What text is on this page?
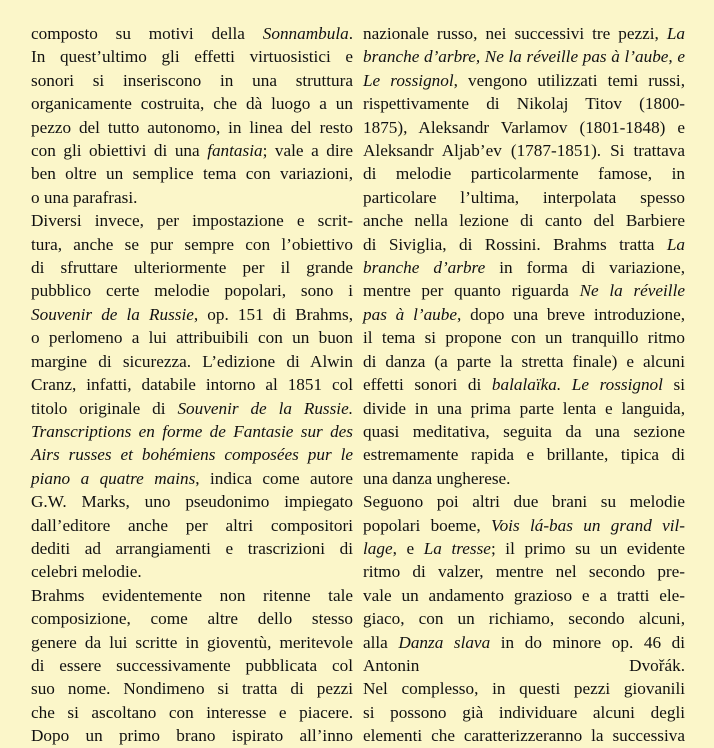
composto su motivi della Sonnambula.
In quest’ultimo gli effetti virtuosistici e
sonori si inseriscono in una struttura
organicamente costruita, che dà luogo a un
pezzo del tutto autonomo, in linea del resto
con gli obiettivi di una fantasia; vale a dire
ben oltre un semplice tema con variazioni,
o una parafrasi.
Diversi invece, per impostazione e scrit-
tura, anche se pur sempre con l’obiettivo
di sfruttare ulteriormente per il grande
pubblico certe melodie popolari, sono i
Souvenir de la Russie, op. 151 di Brahms,
o perlomeno a lui attribuibili con un buon
margine di sicurezza. L’edizione di Alwin
Cranz, infatti, databile intorno al 1851 col
titolo originale di Souvenir de la Russie.
Transcriptions en forme de Fantasie sur des
Airs russes et bohémiens composées pur le
piano a quatre mains, indica come autore
G.W. Marks, uno pseudonimo impiegato
dall’editore anche per altri compositori
dediti ad arrangiamenti e trascrizioni di
celebri melodie.
Brahms evidentemente non ritenne tale
composizione, come altre dello stesso
genere da lui scritte in gioventù, meritevole
di essere successivamente pubblicata col
suo nome. Nondimeno si tratta di pezzi
che si ascoltano con interesse e piacere.
Dopo un primo brano ispirato all’inno
nazionale russo, nei successivi tre pezzi, La
branche d’arbre, Ne la réveille pas à l’aube, e
Le rossignol, vengono utilizzati temi russi,
rispettivamente di Nikolaj Titov (1800-
1875), Aleksandr Varlamov (1801-1848) e
Aleksandr Aljab’ev (1787-1851). Si trattava
di melodie particolarmente famose, in
particolare l’ultima, interpolata spesso
anche nella lezione di canto del Barbiere
di Siviglia, di Rossini. Brahms tratta La
branche d’arbre in forma di variazione,
mentre per quanto riguarda Ne la réveille
pas à l’aube, dopo una breve introduzione,
il tema si propone con un tranquillo ritmo
di danza (a parte la stretta finale) e alcuni
effetti sonori di balalaïka. Le rossignol si
divide in una prima parte lenta e languida,
quasi meditativa, seguita da una sezione
estremamente rapida e brillante, tipica di
una danza ungherese.
Seguono poi altri due brani su melodie
popolari boeme, Vois lá-bas un grand vil-
lage, e La tresse; il primo su un evidente
ritmo di valzer, mentre nel secondo pre-
vale un andamento grazioso e a tratti ele-
giaco, con un richiamo, secondo alcuni,
alla Danza slava in do minore op. 46 di
Antonin Dvořák.
Nel complesso, in questi pezzi giovanili
si possono già individuare alcuni degli
elementi che caratterizzeranno la successiva
